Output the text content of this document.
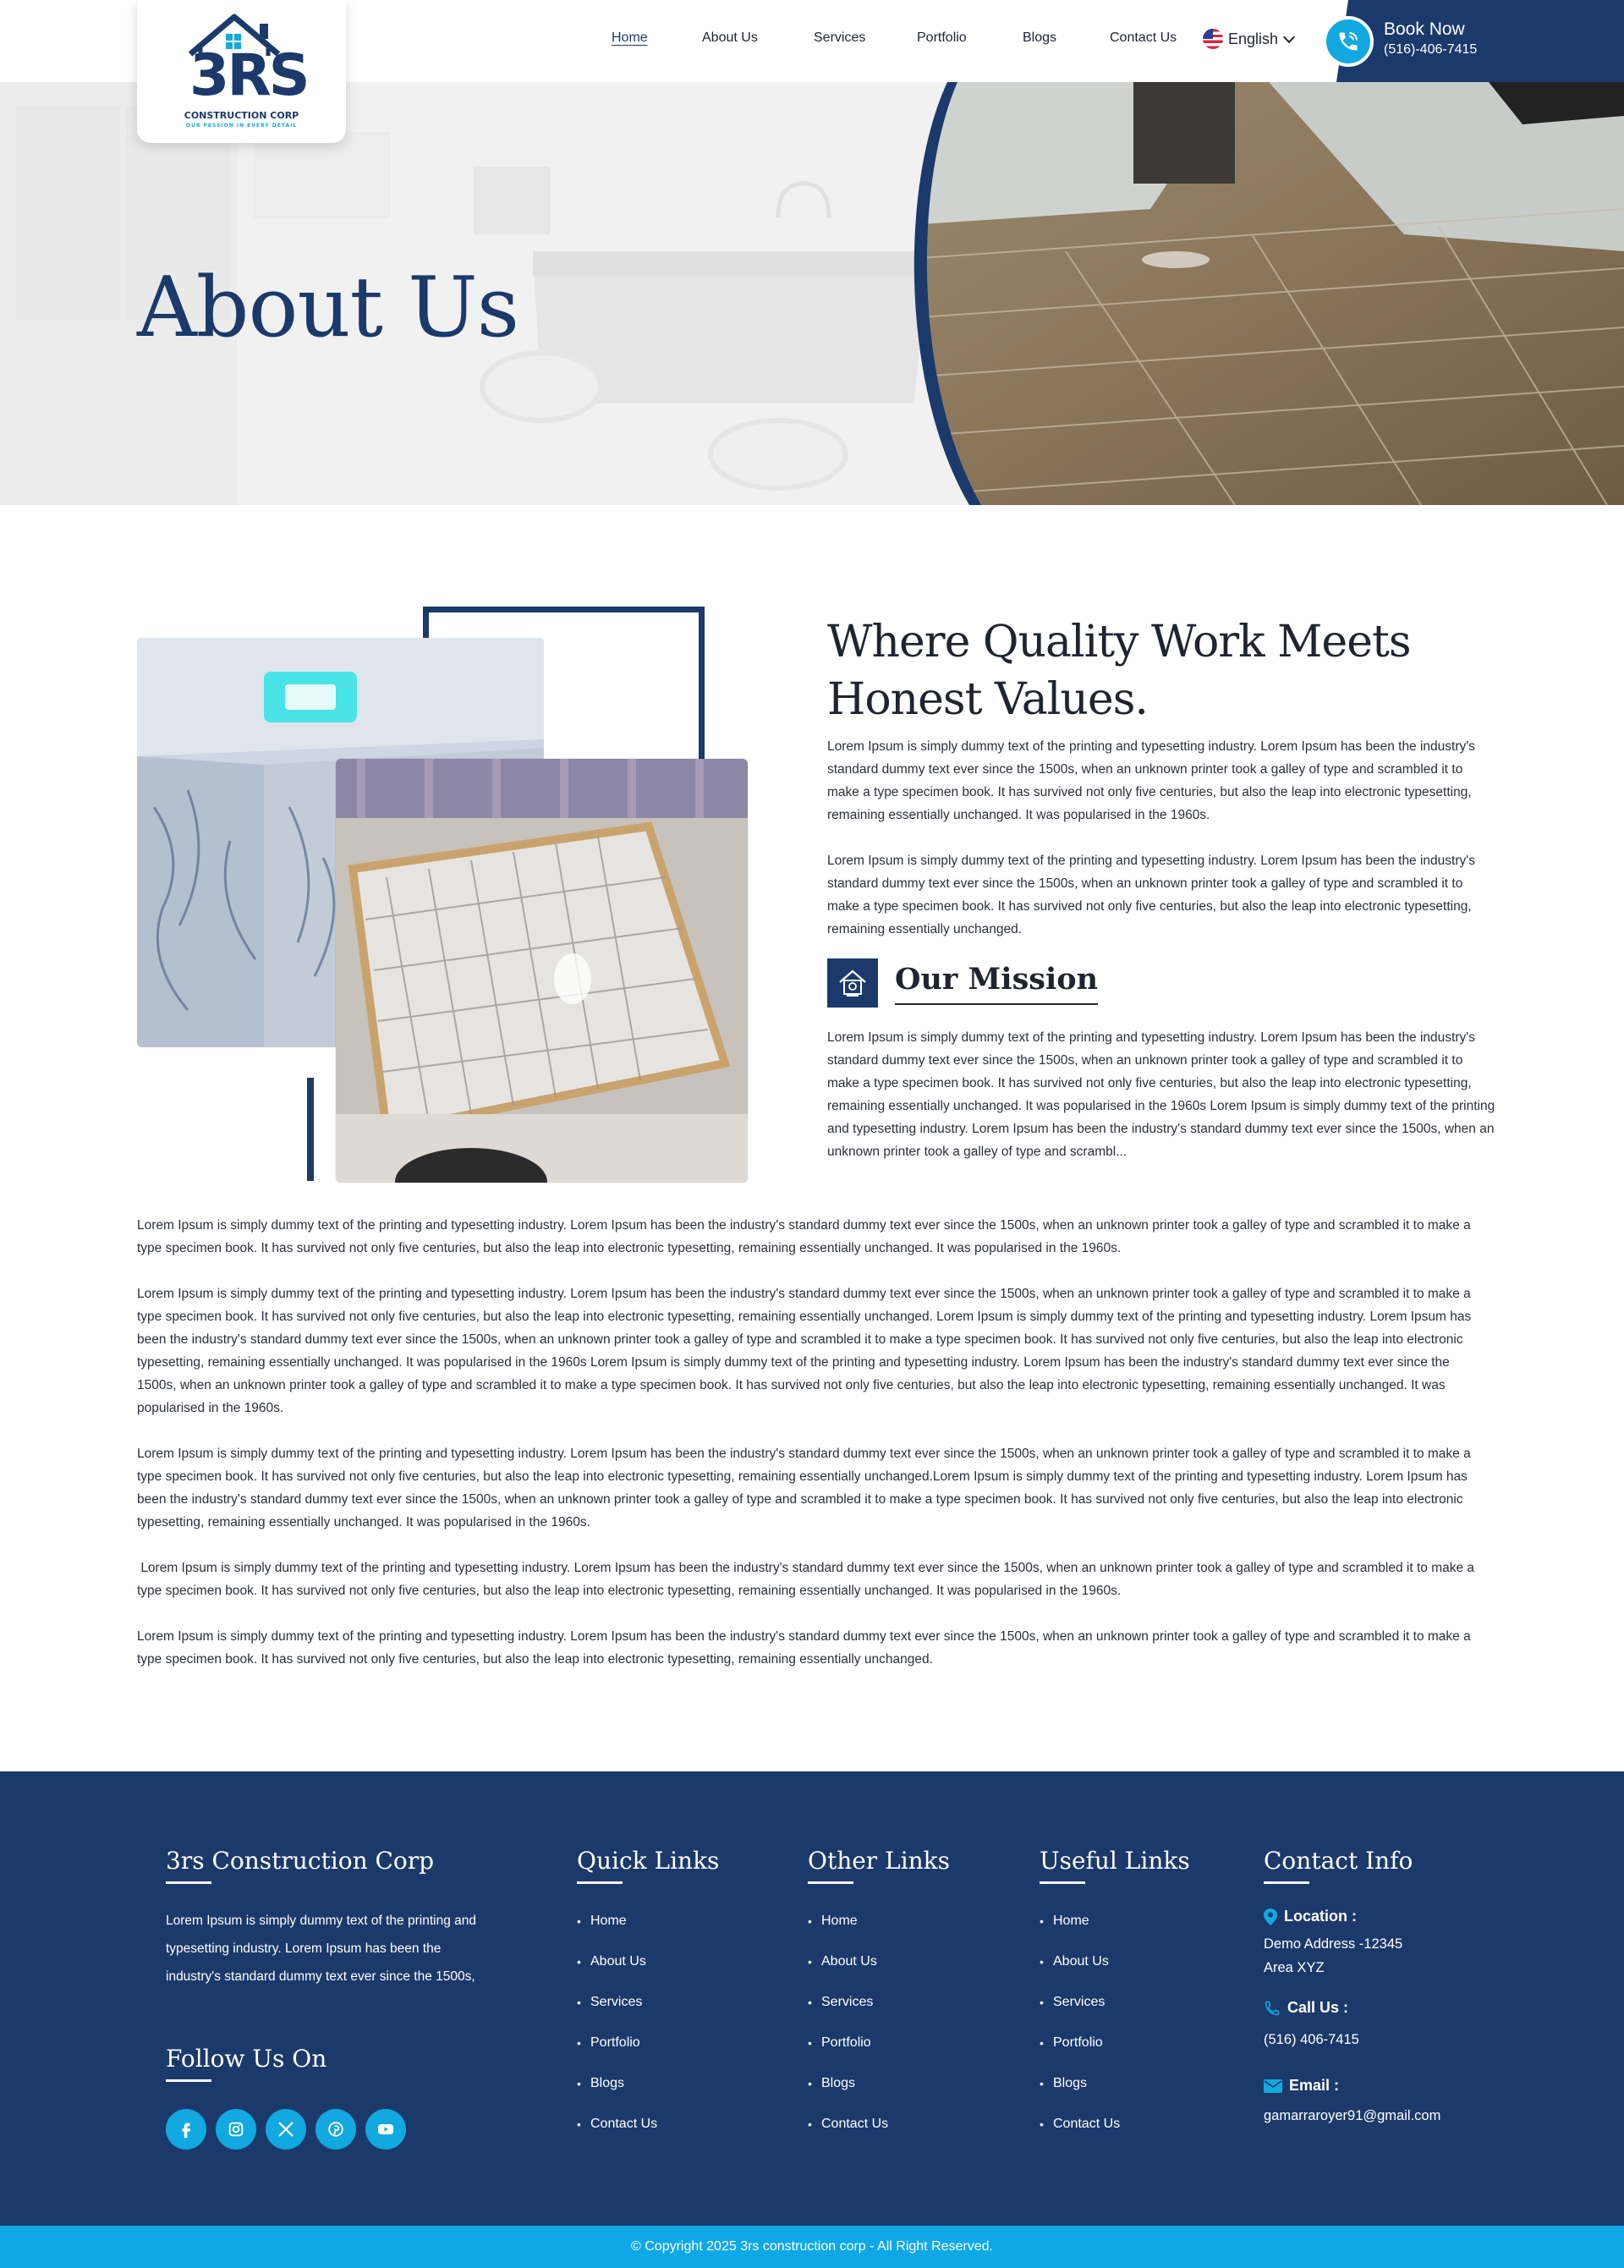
Home	About Us	Services	Portfolio	Blogs	Contact Us	English	Book Now
(516)-406-7415
3RS
CONSTRUCTION CORP
OUR PASSION IN EVERY DETAIL
About Us
Where Quality Work Meets
Honest Values.

Lorem Ipsum is simply dummy text of the printing and typesetting industry. Lorem Ipsum has been the industry's standard dummy text ever since the 1500s, when an unknown printer took a galley of type and scrambled it to make a type specimen book. It has survived not only five centuries, but also the leap into electronic typesetting, remaining essentially unchanged. It was popularised in the 1960s.

Lorem Ipsum is simply dummy text of the printing and typesetting industry. Lorem Ipsum has been the industry's standard dummy text ever since the 1500s, when an unknown printer took a galley of type and scrambled it to make a type specimen book. It has survived not only five centuries, but also the leap into electronic typesetting, remaining essentially unchanged.

Our Mission

Lorem Ipsum is simply dummy text of the printing and typesetting industry. Lorem Ipsum has been the industry's standard dummy text ever since the 1500s, when an unknown printer took a galley of type and scrambled it to make a type specimen book. It has survived not only five centuries, but also the leap into electronic typesetting, remaining essentially unchanged. It was popularised in the 1960s Lorem Ipsum is simply dummy text of the printing and typesetting industry. Lorem Ipsum has been the industry's standard dummy text ever since the 1500s, when an unknown printer took a galley of type and scrambl...

Lorem Ipsum is simply dummy text of the printing and typesetting industry. Lorem Ipsum has been the industry's standard dummy text ever since the 1500s, when an unknown printer took a galley of type and scrambled it to make a type specimen book. It has survived not only five centuries, but also the leap into electronic typesetting, remaining essentially unchanged. It was popularised in the 1960s.

Lorem Ipsum is simply dummy text of the printing and typesetting industry. Lorem Ipsum has been the industry's standard dummy text ever since the 1500s, when an unknown printer took a galley of type and scrambled it to make a type specimen book. It has survived not only five centuries, but also the leap into electronic typesetting, remaining essentially unchanged. Lorem Ipsum is simply dummy text of the printing and typesetting industry. Lorem Ipsum has been the industry's standard dummy text ever since the 1500s, when an unknown printer took a galley of type and scrambled it to make a type specimen book. It has survived not only five centuries, but also the leap into electronic typesetting, remaining essentially unchanged. It was popularised in the 1960s Lorem Ipsum is simply dummy text of the printing and typesetting industry. Lorem Ipsum has been the industry's standard dummy text ever since the 1500s, when an unknown printer took a galley of type and scrambled it to make a type specimen book. It has survived not only five centuries, but also the leap into electronic typesetting, remaining essentially unchanged. It was popularised in the 1960s.

Lorem Ipsum is simply dummy text of the printing and typesetting industry. Lorem Ipsum has been the industry's standard dummy text ever since the 1500s, when an unknown printer took a galley of type and scrambled it to make a type specimen book. It has survived not only five centuries, but also the leap into electronic typesetting, remaining essentially unchanged.Lorem Ipsum is simply dummy text of the printing and typesetting industry. Lorem Ipsum has been the industry's standard dummy text ever since the 1500s, when an unknown printer took a galley of type and scrambled it to make a type specimen book. It has survived not only five centuries, but also the leap into electronic typesetting, remaining essentially unchanged. It was popularised in the 1960s.

Lorem Ipsum is simply dummy text of the printing and typesetting industry. Lorem Ipsum has been the industry's standard dummy text ever since the 1500s, when an unknown printer took a galley of type and scrambled it to make a type specimen book. It has survived not only five centuries, but also the leap into electronic typesetting, remaining essentially unchanged. It was popularised in the 1960s.

Lorem Ipsum is simply dummy text of the printing and typesetting industry. Lorem Ipsum has been the industry's standard dummy text ever since the 1500s, when an unknown printer took a galley of type and scrambled it to make a type specimen book. It has survived not only five centuries, but also the leap into electronic typesetting, remaining essentially unchanged.

3rs Construction Corp

Lorem Ipsum is simply dummy text of the printing and typesetting industry. Lorem Ipsum has been the industry's standard dummy text ever since the 1500s,

Follow Us On
Quick Links
• Home
• About Us
• Services
• Portfolio
• Blogs
• Contact Us
Other Links
• Home
• About Us
• Services
• Portfolio
• Blogs
• Contact Us
Useful Links
• Home
• About Us
• Services
• Portfolio
• Blogs
• Contact Us
Contact Info
Location :
Demo Address -12345
Area XYZ
Call Us :
(516) 406-7415
Email :
gamarraroyer91@gmail.com
© Copyright 2025 3rs construction corp - All Right Reserved.
